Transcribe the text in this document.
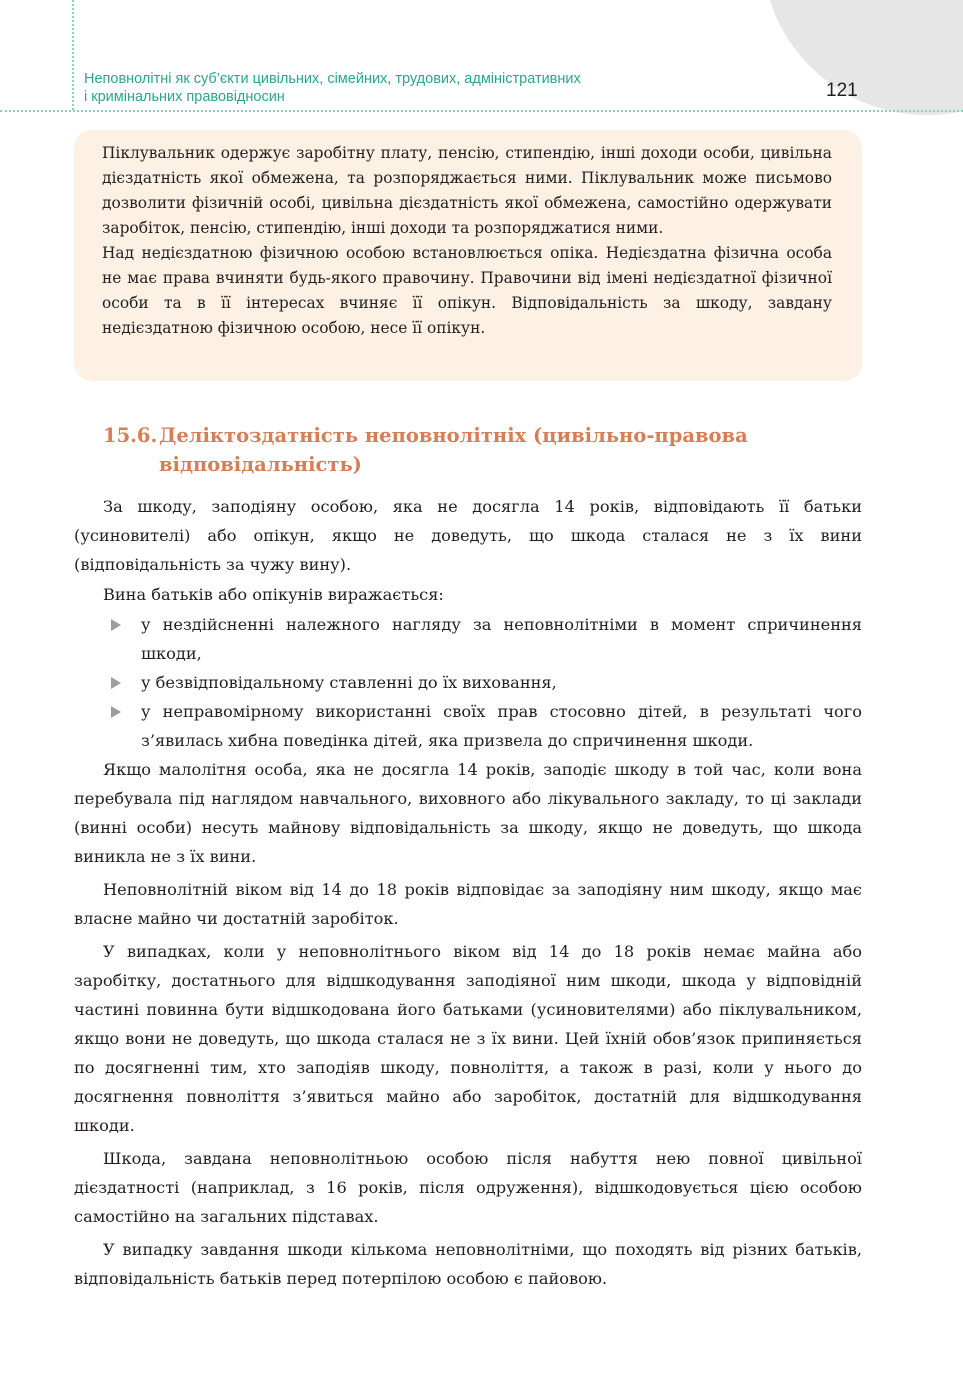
Неповнолітні як суб’єкти цивільних, сімейних, трудових, адміністративних
і кримінальних правовідносин	121

Піклувальник одержує заробітну плату, пенсію, стипендію, інші доходи особи, цивільна дієздатність якої обмежена, та розпоряджається ними. Піклувальник може письмово дозволити фізичній особі, цивільна дієздатність якої обмежена, самостійно одержувати заробіток, пенсію, стипендію, інші доходи та розпоряджатися ними.

Над недієздатною фізичною особою встановлюється опіка. Недієздатна фізична особа не має права вчиняти будь-якого правочину. Правочини від імені недієздатної фізичної особи та в її інтересах вчиняє її опікун. Відповідальність за шкоду, завдану недієздатною фізичною особою, несе її опікун.

15.6.Деліктоздатність неповнолітніх (цивільно-правова
відповідальність)

За шкоду, заподіяну особою, яка не досягла 14 років, відповідають її батьки (усиновителі) або опікун, якщо не доведуть, що шкода сталася не з їх вини (відповідальність за чужу вину).

Вина батьків або опікунів виражається:

у нездійсненні належного нагляду за неповнолітніми в момент спричинення шкоди,
у безвідповідальному ставленні до їх виховання,
у неправомірному використанні своїх прав стосовно дітей, в результаті чого з’явилась хибна поведінка дітей, яка призвела до спричинення шкоди.

Якщо малолітня особа, яка не досягла 14 років, заподіє шкоду в той час, коли вона перебувала під наглядом навчального, виховного або лікувального закладу, то ці заклади (винні особи) несуть майнову відповідальність за шкоду, якщо не доведуть, що шкода виникла не з їх вини.

Неповнолітній віком від 14 до 18 років відповідає за заподіяну ним шкоду, якщо має власне майно чи достатній заробіток.

У випадках, коли у неповнолітнього віком від 14 до 18 років немає майна або заробітку, достатнього для відшкодування заподіяної ним шкоди, шкода у відповідній частині повинна бути відшкодована його батьками (усиновителями) або піклувальником, якщо вони не доведуть, що шкода сталася не з їх вини. Цей їхній обов’язок припиняється по досягненні тим, хто заподіяв шкоду, повноліття, а також в разі, коли у нього до досягнення повноліття з’явиться майно або заробіток, достатній для відшкодування шкоди.

Шкода, завдана неповнолітньою особою після набуття нею повної цивільної дієздатності (наприклад, з 16 років, після одруження), відшкодовується цією особою самостійно на загальних підставах.

У випадку завдання шкоди кількома неповнолітніми, що походять від різних батьків, відповідальність батьків перед потерпілою особою є пайовою.
